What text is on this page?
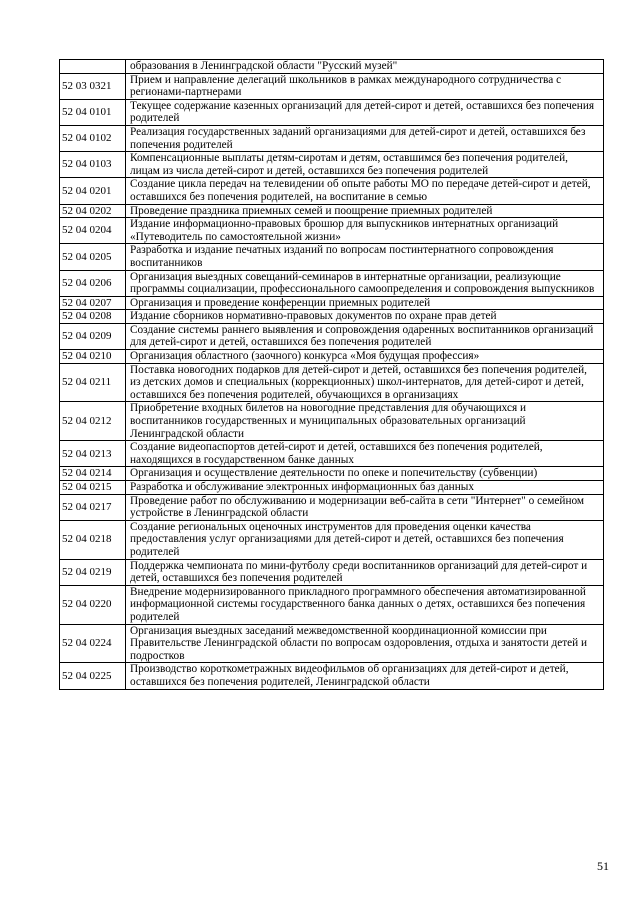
	образования в Ленинградской области "Русский музей"
52 03 0321	Прием и направление делегаций школьников в рамках международного сотрудничества с регионами-партнерами
52 04 0101	Текущее содержание казенных организаций для детей-сирот и детей, оставшихся без попечения родителей
52 04 0102	Реализация государственных заданий организациями для детей-сирот и детей, оставшихся без попечения родителей
52 04 0103	Компенсационные выплаты детям-сиротам и детям, оставшимся без попечения родителей, лицам из числа детей-сирот и детей, оставшихся без попечения родителей
52 04 0201	Создание цикла передач на телевидении об опыте работы МО по передаче детей-сирот и детей, оставшихся без попечения родителей, на воспитание в семью
52 04 0202	Проведение праздника приемных семей и поощрение приемных родителей
52 04 0204	Издание информационно-правовых брошюр для выпускников интернатных организаций «Путеводитель по самостоятельной жизни»
52 04 0205	Разработка и издание печатных изданий по вопросам постинтернатного сопровождения воспитанников
52 04 0206	Организация выездных совещаний-семинаров в интернатные организации, реализующие программы социализации, профессионального самоопределения и сопровождения выпускников
52 04 0207	Организация и проведение конференции приемных родителей
52 04 0208	Издание сборников нормативно-правовых документов по охране прав детей
52 04 0209	Создание системы раннего выявления и сопровождения одаренных воспитанников организаций для детей-сирот и детей, оставшихся без попечения родителей
52 04 0210	Организация областного (заочного) конкурса «Моя будущая профессия»
52 04 0211	Поставка новогодних подарков для детей-сирот и детей, оставшихся без попечения родителей, из детских домов и специальных (коррекционных) школ-интернатов, для детей-сирот и детей, оставшихся без попечения родителей, обучающихся в организациях
52 04 0212	Приобретение входных билетов на новогодние представления для обучающихся и воспитанников государственных и муниципальных образовательных организаций Ленинградской области
52 04 0213	Создание видеопаспортов детей-сирот и детей, оставшихся без попечения родителей, находящихся в государственном банке данных
52 04 0214	Организация и осуществление деятельности по опеке и попечительству (субвенции)
52 04 0215	Разработка и обслуживание электронных информационных баз данных
52 04 0217	Проведение работ по обслуживанию и модернизации веб-сайта в сети "Интернет" о семейном устройстве в Ленинградской области
52 04 0218	Создание региональных оценочных инструментов для проведения оценки качества предоставления услуг организациями для детей-сирот и детей, оставшихся без попечения родителей
52 04 0219	Поддержка чемпионата по мини-футболу среди воспитанников организаций для детей-сирот и детей, оставшихся без попечения родителей
52 04 0220	Внедрение модернизированного прикладного программного обеспечения автоматизированной информационной системы государственного банка данных о детях, оставшихся без попечения родителей
52 04 0224	Организация выездных заседаний межведомственной координационной комиссии при Правительстве Ленинградской области по вопросам оздоровления, отдыха и занятости детей и подростков
52 04 0225	Производство короткометражных видеофильмов об организациях для детей-сирот и детей, оставшихся без попечения родителей, Ленинградской области
51
